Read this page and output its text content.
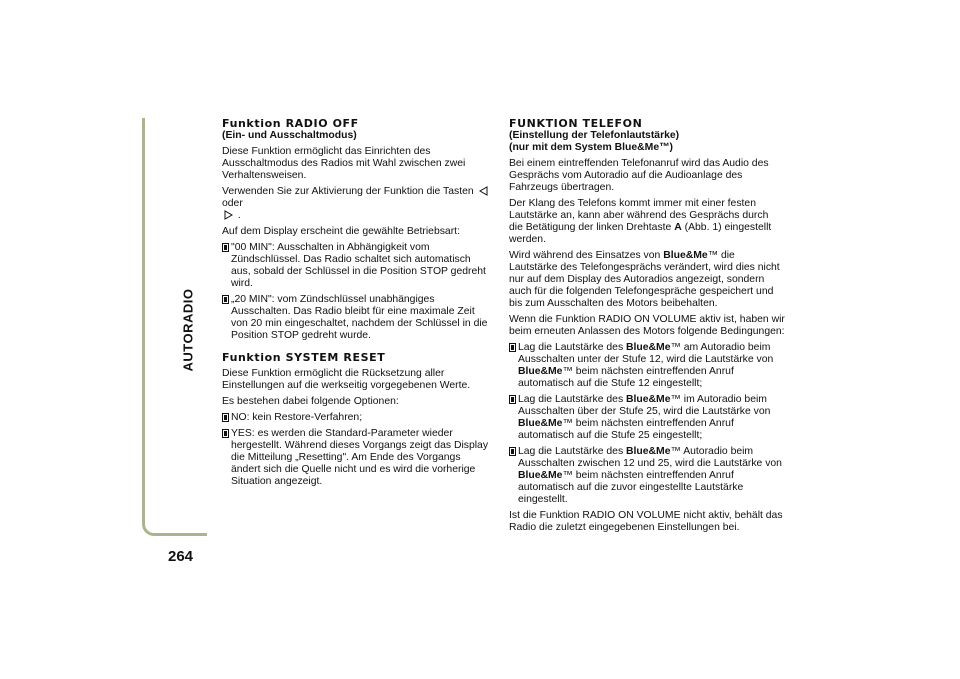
AUTORADIO
264
Funktion RADIO OFF
(Ein- und Ausschaltmodus)

Diese Funktion ermöglicht das Einrichten des Ausschaltmodus des Radios mit Wahl zwischen zwei Verhaltensweisen.

Verwenden Sie zur Aktivierung der Funktion die Tasten  oder
.

Auf dem Display erscheint die gewählte Betriebsart:

"00 MIN": Ausschalten in Abhängigkeit vom Zündschlüssel. Das Radio schaltet sich automatisch aus, sobald der Schlüssel in die Position STOP gedreht wird.
„20 MIN": vom Zündschlüssel unabhängiges Ausschalten. Das Radio bleibt für eine maximale Zeit von 20 min eingeschaltet, nachdem der Schlüssel in die Position STOP gedreht wurde.
Funktion SYSTEM RESET

Diese Funktion ermöglicht die Rücksetzung aller Einstellungen auf die werkseitig vorgegebenen Werte.

Es bestehen dabei folgende Optionen:

NO: kein Restore-Verfahren;
YES: es werden die Standard-Parameter wieder hergestellt. Während dieses Vorgangs zeigt das Display die Mitteilung „Resetting". Am Ende des Vorgangs ändert sich die Quelle nicht und es wird die vorherige Situation angezeigt.
FUNKTION TELEFON
(Einstellung der Telefonlautstärke)
(nur mit dem System Blue&Me™)

Bei einem eintreffenden Telefonanruf wird das Audio des Gesprächs vom Autoradio auf die Audioanlage des Fahrzeugs übertragen.

Der Klang des Telefons kommt immer mit einer festen Lautstärke an, kann aber während des Gesprächs durch die Betätigung der linken Drehtaste A (Abb. 1) eingestellt werden.

Wird während des Einsatzes von Blue&Me™ die Lautstärke des Telefongesprächs verändert, wird dies nicht nur auf dem Display des Autoradios angezeigt, sondern auch für die folgenden Telefongespräche gespeichert und bis zum Ausschalten des Motors beibehalten.

Wenn die Funktion RADIO ON VOLUME aktiv ist, haben wir beim erneuten Anlassen des Motors folgende Bedingungen:

Lag die Lautstärke des Blue&Me™ am Autoradio beim Ausschalten unter der Stufe 12, wird die Lautstärke von Blue&Me™ beim nächsten eintreffenden Anruf automatisch auf die Stufe 12 eingestellt;
Lag die Lautstärke des Blue&Me™ im Autoradio beim Ausschalten über der Stufe 25, wird die Lautstärke von Blue&Me™ beim nächsten eintreffenden Anruf automatisch auf die Stufe 25 eingestellt;
Lag die Lautstärke des Blue&Me™ Autoradio beim Ausschalten zwischen 12 und 25, wird die Lautstärke von Blue&Me™ beim nächsten eintreffenden Anruf automatisch auf die zuvor eingestellte Lautstärke eingestellt.

Ist die Funktion RADIO ON VOLUME nicht aktiv, behält das Radio die zuletzt eingegebenen Einstellungen bei.
